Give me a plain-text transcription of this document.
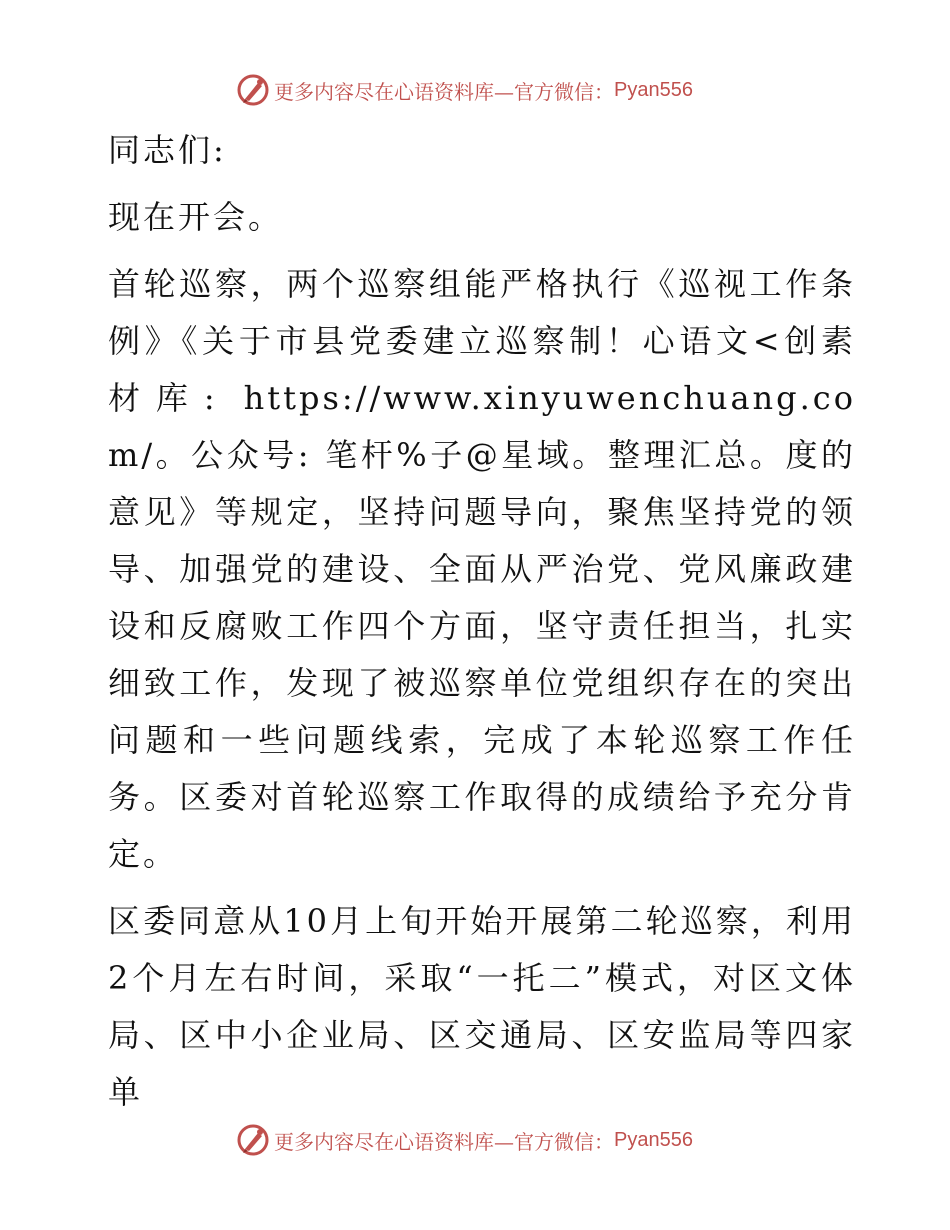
更多内容尽在心语资料库—官方微信： Pyan556

同志们:

现在开会。

首轮巡察，两个巡察组能严格执行《巡视工作条例》《关于市县党委建立巡察制！心语文<创素材库: https://www.xinyuwenchuang.com/。公众号: 笔杆%子@星域。整理汇总。度的意见》等规定，坚持问题导向，聚焦坚持党的领导、加强党的建设、全面从严治党、党风廉政建设和反腐败工作四个方面，坚守责任担当，扎实细致工作，发现了被巡察单位党组织存在的突出问题和一些问题线索，完成了本轮巡察工作任务。区委对首轮巡察工作取得的成绩给予充分肯定。

区委同意从10月上旬开始开展第二轮巡察，利用2个月左右时间，采取“一托二”模式，对区文体局、区中小企业局、区交通局、区安监局等四家单

更多内容尽在心语资料库—官方微信： Pyan556
